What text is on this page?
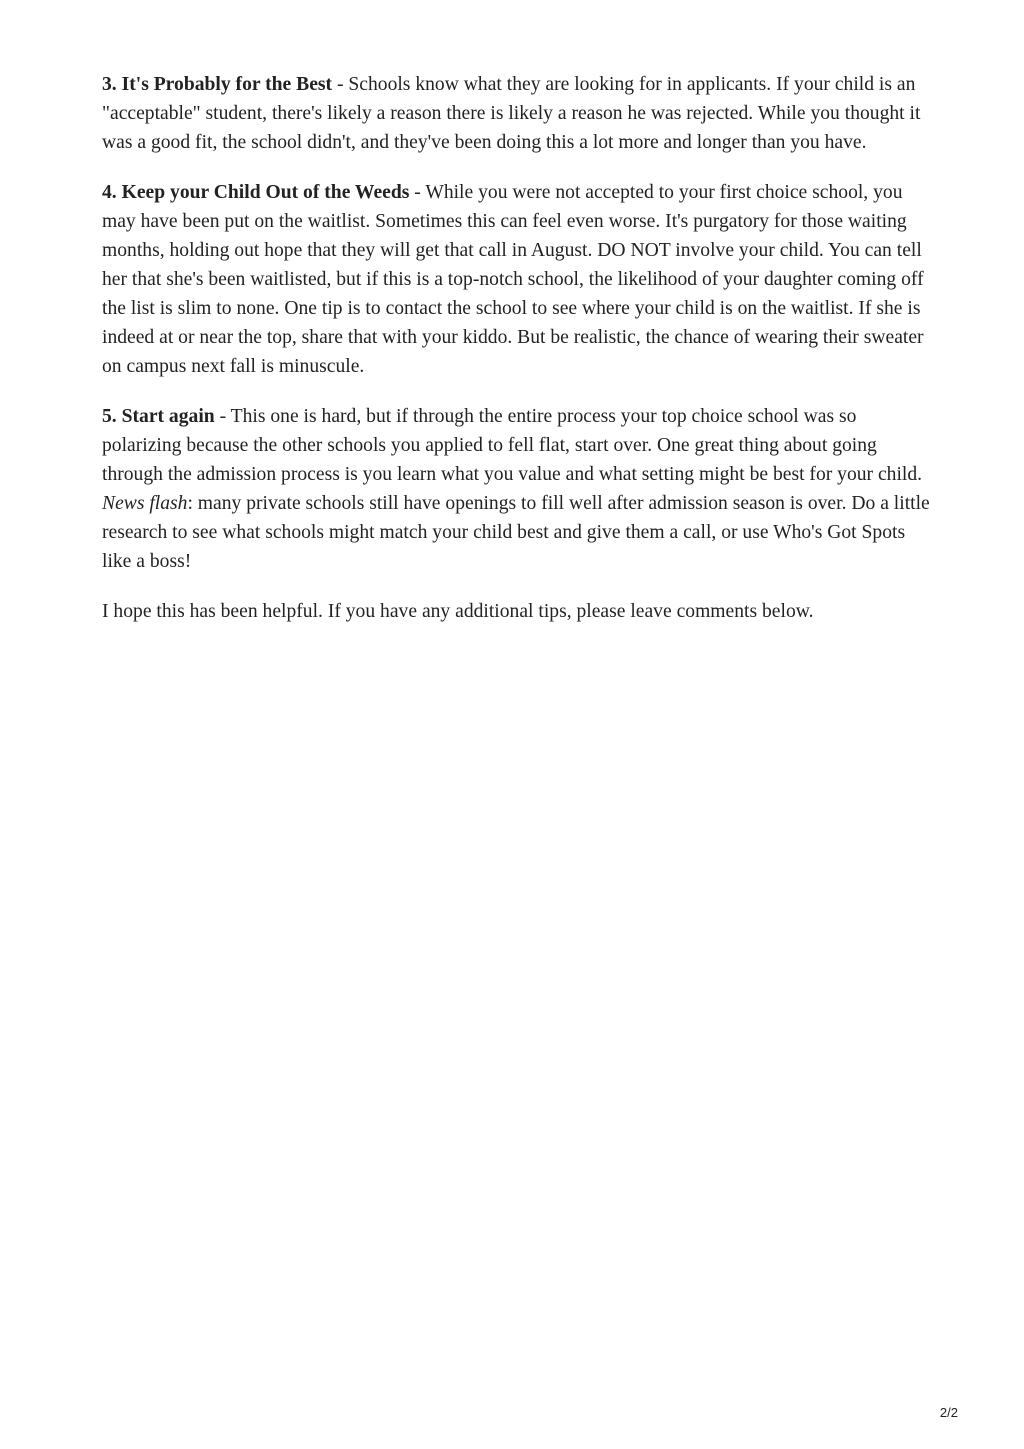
3. It's Probably for the Best - Schools know what they are looking for in applicants. If your child is an "acceptable" student, there's likely a reason there is likely a reason he was rejected. While you thought it was a good fit, the school didn't, and they've been doing this a lot more and longer than you have.

4. Keep your Child Out of the Weeds - While you were not accepted to your first choice school, you may have been put on the waitlist. Sometimes this can feel even worse. It's purgatory for those waiting months, holding out hope that they will get that call in August. DO NOT involve your child. You can tell her that she's been waitlisted, but if this is a top-notch school, the likelihood of your daughter coming off the list is slim to none. One tip is to contact the school to see where your child is on the waitlist. If she is indeed at or near the top, share that with your kiddo. But be realistic, the chance of wearing their sweater on campus next fall is minuscule.

5. Start again - This one is hard, but if through the entire process your top choice school was so polarizing because the other schools you applied to fell flat, start over. One great thing about going through the admission process is you learn what you value and what setting might be best for your child. News flash: many private schools still have openings to fill well after admission season is over. Do a little research to see what schools might match your child best and give them a call, or use Who's Got Spots like a boss!

I hope this has been helpful. If you have any additional tips, please leave comments below.

2/2
